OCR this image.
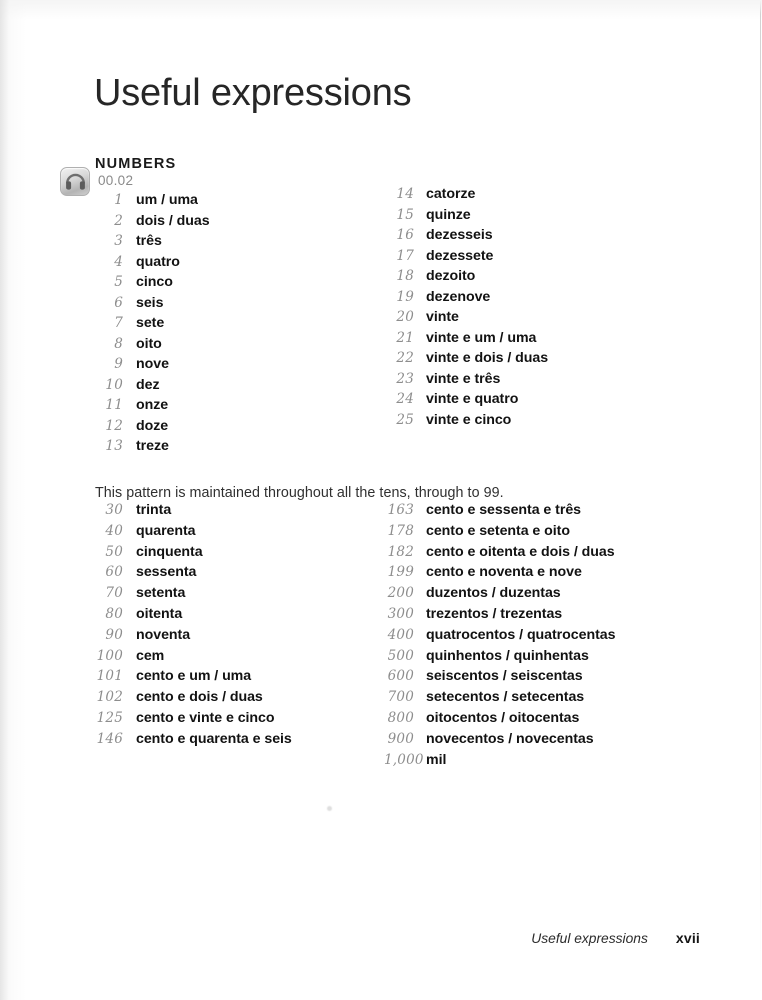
Useful expressions
NUMBERS
00.02
1 um / uma
2 dois / duas
3 três
4 quatro
5 cinco
6 seis
7 sete
8 oito
9 nove
10 dez
11 onze
12 doze
13 treze
14 catorze
15 quinze
16 dezesseis
17 dezessete
18 dezoito
19 dezenove
20 vinte
21 vinte e um / uma
22 vinte e dois / duas
23 vinte e três
24 vinte e quatro
25 vinte e cinco

This pattern is maintained throughout all the tens, through to 99.

30 trinta
40 quarenta
50 cinquenta
60 sessenta
70 setenta
80 oitenta
90 noventa
100 cem
101 cento e um / uma
102 cento e dois / duas
125 cento e vinte e cinco
146 cento e quarenta e seis
163 cento e sessenta e três
178 cento e setenta e oito
182 cento e oitenta e dois / duas
199 cento e noventa e nove
200 duzentos / duzentas
300 trezentos / trezentas
400 quatrocentos / quatrocentas
500 quinhentos / quinhentas
600 seiscentos / seiscentas
700 setecentos / setecentas
800 oitocentos / oitocentas
900 novecentos / novecentas
1,000 mil
Useful expressions xvii
